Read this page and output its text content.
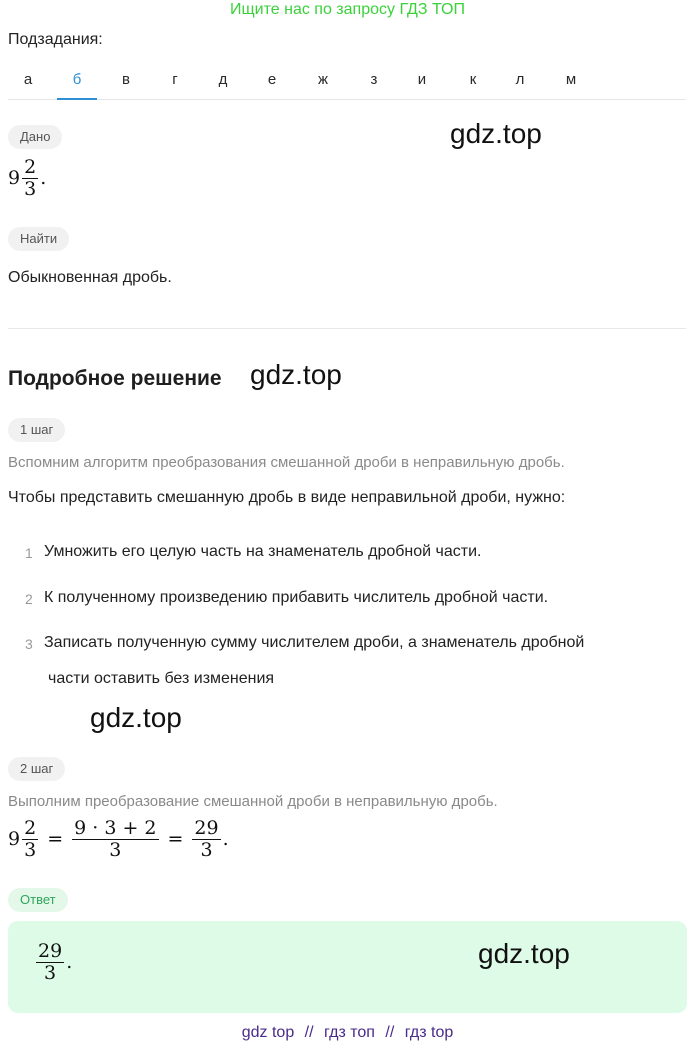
Ищите нас по запросу ГДЗ ТОП
Подзадания:
а	б	в	г	д	е	ж	з	и	к	л	м
Дано	gdz.top
$9 \frac{2}{3}$ .
Найти
Обыкновенная дробь.
Подробное решение gdz.top
1 шаг
Вспомним алгоритм преобразования смешанной дроби в неправильную дробь.
Чтобы представить смешанную дробь в виде неправильной дроби, нужно:
1 Умножить его целую часть на знаменатель дробной части.
2 К полученному произведению прибавить числитель дробной части.
3 Записать полученную сумму числителем дроби, а знаменатель дробной
части оставить без изменения
gdz.top
2 шаг
Выполним преобразование смешанной дроби в неправильную дробь.
$9 \frac{2}{3} = \frac{9 \cdot 3 + 2}{3} = \frac{29}{3}$ .
Ответ
$\frac{29}{3}$ .	gdz.top
gdz top // гдз топ // гдз top
